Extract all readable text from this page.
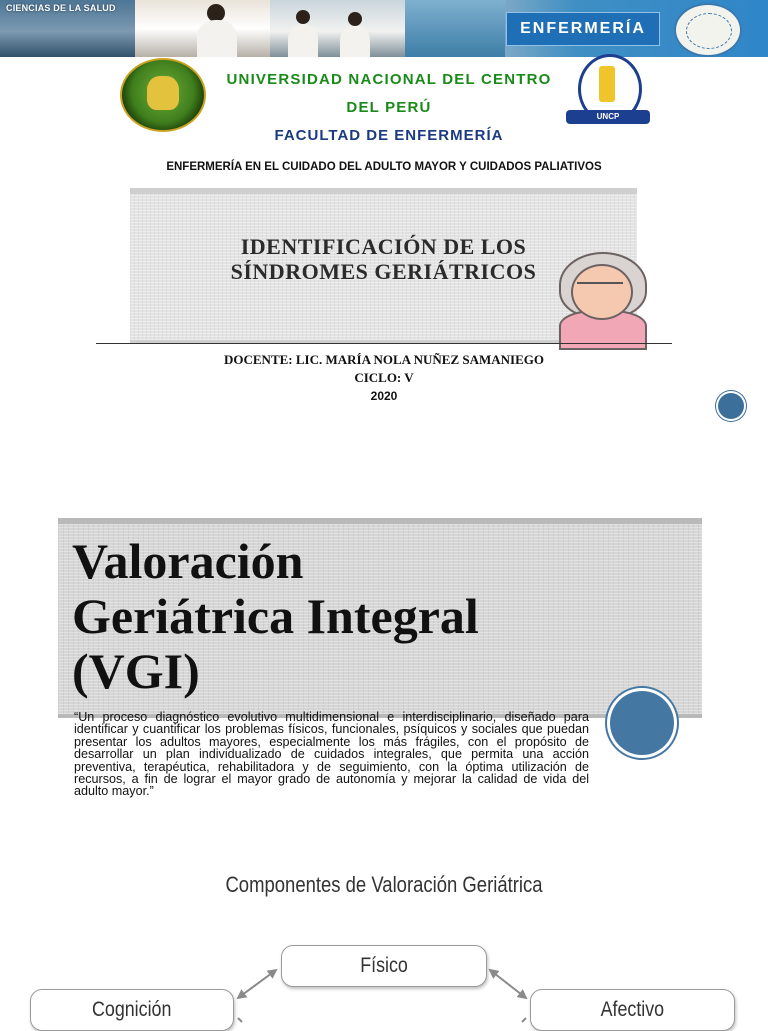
CIENCIAS DE LA SALUD
ENFERMERÍA
UNCP
UNIVERSIDAD NACIONAL DEL CENTRO
DEL PERÚ
FACULTAD DE ENFERMERÍA
ENFERMERÍA EN EL CUIDADO DEL ADULTO MAYOR Y CUIDADOS PALIATIVOS
IDENTIFICACIÓN DE LOS
SÍNDROMES GERIÁTRICOS
DOCENTE: LIC. MARÍA NOLA NUÑEZ SAMANIEGO
CICLO: V
2020
Valoración
Geriátrica Integral
(VGI)
“Un proceso diagnóstico evolutivo multidimensional e interdisciplinario, diseñado para identificar y cuantificar los problemas físicos, funcionales, psíquicos y sociales que puedan presentar los adultos mayores, especialmente los más frágiles, con el propósito de desarrollar un plan individualizado de cuidados integrales, que permita una acción preventiva, terapéutica, rehabilitadora y de seguimiento, con la óptima utilización de recursos, a fin de lograr el mayor grado de autonomía y mejorar la calidad de vida del adulto mayor.”
Componentes de Valoración Geriátrica
Físico
Cognición	Afectivo
